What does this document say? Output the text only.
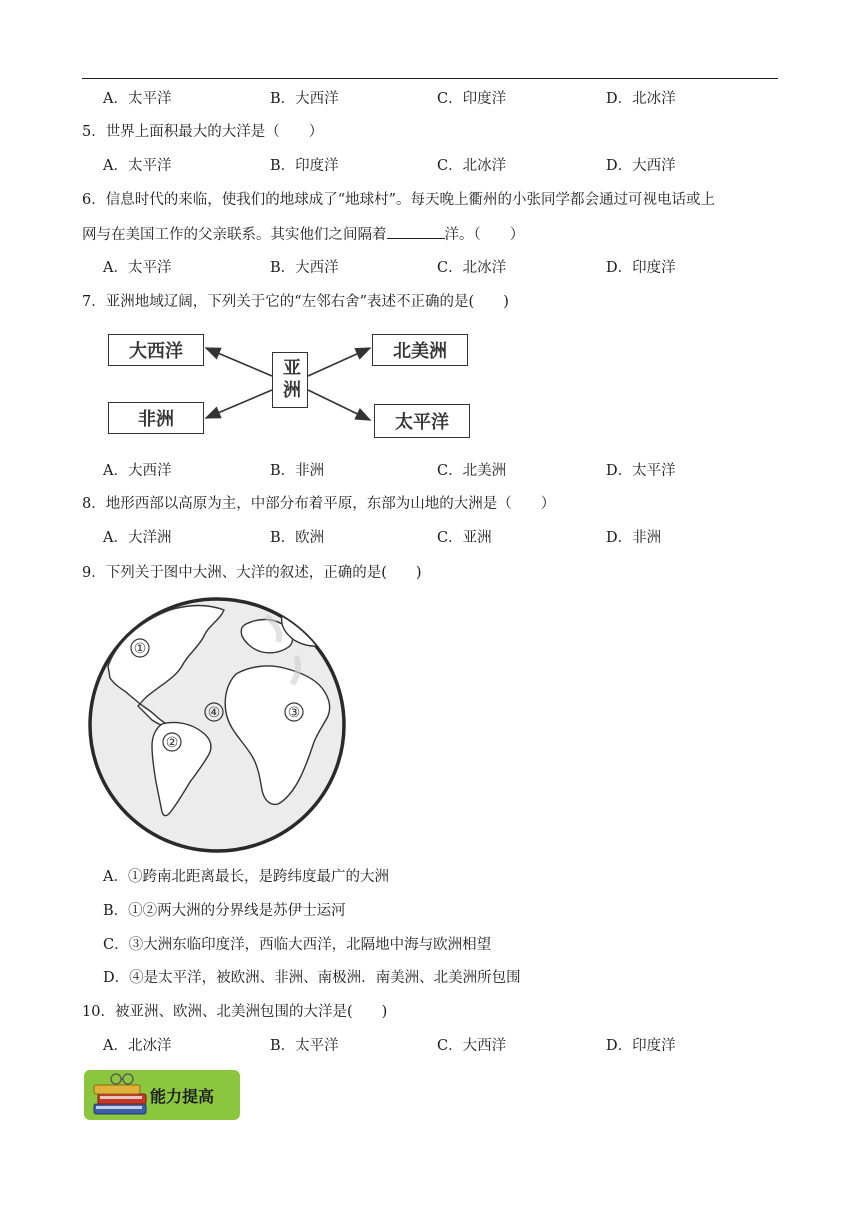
A．太平洋	B．大西洋	C．印度洋	D．北冰洋
5．世界上面积最大的大洋是（　　）
A．太平洋	B．印度洋	C．北冰洋	D．大西洋
6．信息时代的来临，使我们的地球成了“地球村”。每天晚上衢州的小张同学都会通过可视电话或上
网与在美国工作的父亲联系。其实他们之间隔着	洋。（　　）
A．太平洋	B．大西洋	C．北冰洋	D．印度洋
7．亚洲地域辽阔，下列关于它的“左邻右舍”表述不正确的是(　　)
大西洋
非洲
亚洲
北美洲
太平洋
A．大西洋	B．非洲	C．北美洲	D．太平洋
8．地形西部以高原为主，中部分布着平原，东部为山地的大洲是（　　）
A．大洋洲	B．欧洲	C．亚洲	D．非洲
9．下列关于图中大洲、大洋的叙述，正确的是(　　)
①
②
③
④
A．①跨南北距离最长，是跨纬度最广的大洲
B．①②两大洲的分界线是苏伊士运河
C．③大洲东临印度洋，西临大西洋，北隔地中海与欧洲相望
D．④是太平洋，被欧洲、非洲、南极洲．南美洲、北美洲所包围
10．被亚洲、欧洲、北美洲包围的大洋是(　　)
A．北冰洋	B．太平洋	C．大西洋	D．印度洋
能力提高
